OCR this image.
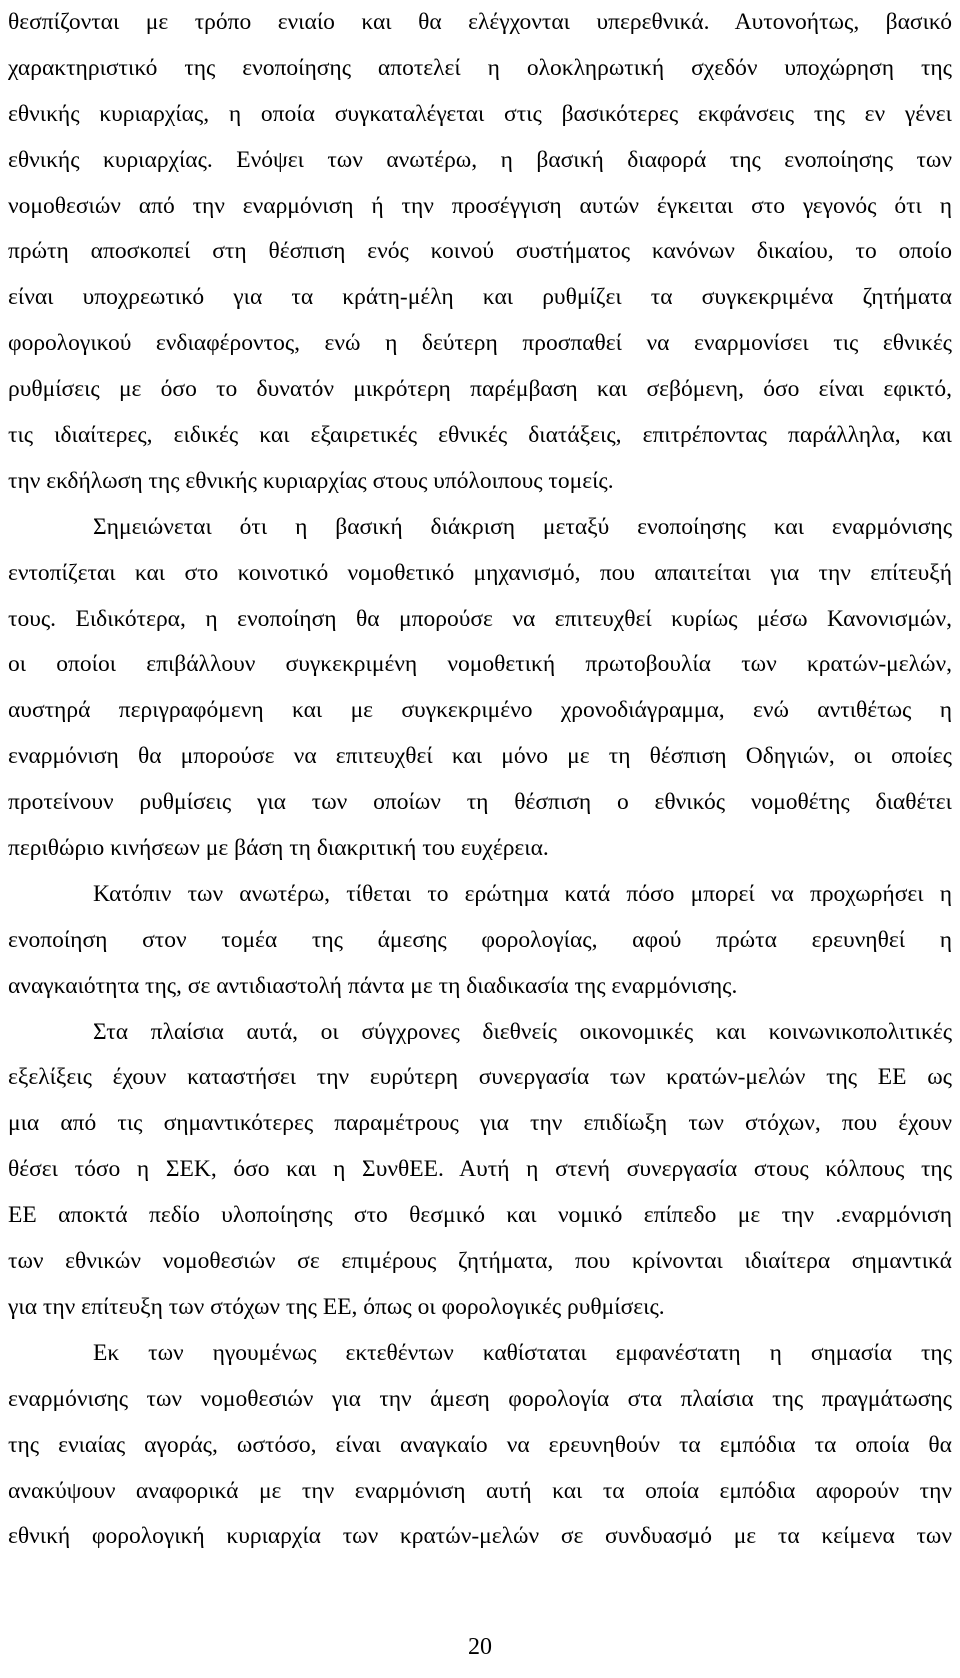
θεσπίζονται με τρόπο ενιαίο και θα ελέγχονται υπερεθνικά. Αυτονοήτως, βασικό
χαρακτηριστικό της ενοποίησης αποτελεί η ολοκληρωτική σχεδόν υποχώρηση της
εθνικής κυριαρχίας, η οποία συγκαταλέγεται στις βασικότερες εκφάνσεις της εν γένει
εθνικής κυριαρχίας. Ενόψει των ανωτέρω, η βασική διαφορά της ενοποίησης των
νομοθεσιών από την εναρμόνιση ή την προσέγγιση αυτών έγκειται στο γεγονός ότι η
πρώτη αποσκοπεί στη θέσπιση ενός κοινού συστήματος κανόνων δικαίου, το οποίο
είναι υποχρεωτικό για τα κράτη-μέλη και ρυθμίζει τα συγκεκριμένα ζητήματα
φορολογικού ενδιαφέροντος, ενώ η δεύτερη προσπαθεί να εναρμονίσει τις εθνικές
ρυθμίσεις με όσο το δυνατόν μικρότερη παρέμβαση και σεβόμενη, όσο είναι εφικτό,
τις ιδιαίτερες, ειδικές και εξαιρετικές εθνικές διατάξεις, επιτρέποντας παράλληλα, και
την εκδήλωση της εθνικής κυριαρχίας στους υπόλοιπους τομείς.
Σημειώνεται ότι η βασική διάκριση μεταξύ ενοποίησης και εναρμόνισης
εντοπίζεται και στο κοινοτικό νομοθετικό μηχανισμό, που απαιτείται για την επίτευξή
τους. Ειδικότερα, η ενοποίηση θα μπορούσε να επιτευχθεί κυρίως μέσω Κανονισμών,
οι οποίοι επιβάλλουν συγκεκριμένη νομοθετική πρωτοβουλία των κρατών-μελών,
αυστηρά περιγραφόμενη και με συγκεκριμένο χρονοδιάγραμμα, ενώ αντιθέτως η
εναρμόνιση θα μπορούσε να επιτευχθεί και μόνο με τη θέσπιση Οδηγιών, οι οποίες
προτείνουν ρυθμίσεις για των οποίων τη θέσπιση ο εθνικός νομοθέτης διαθέτει
περιθώριο κινήσεων με βάση τη διακριτική του ευχέρεια.
Κατόπιν των ανωτέρω, τίθεται το ερώτημα κατά πόσο μπορεί να προχωρήσει η
ενοποίηση στον τομέα της άμεσης φορολογίας, αφού πρώτα ερευνηθεί η
αναγκαιότητα της, σε αντιδιαστολή πάντα με τη διαδικασία της εναρμόνισης.
Στα πλαίσια αυτά, οι σύγχρονες διεθνείς οικονομικές και κοινωνικοπολιτικές
εξελίξεις έχουν καταστήσει την ευρύτερη συνεργασία των κρατών-μελών της ΕΕ ως
μια από τις σημαντικότερες παραμέτρους για την επιδίωξη των στόχων, που έχουν
θέσει τόσο η ΣΕΚ, όσο και η ΣυνθΕΕ. Αυτή η στενή συνεργασία στους κόλπους της
ΕΕ αποκτά πεδίο υλοποίησης στο θεσμικό και νομικό επίπεδο με την .εναρμόνιση
των εθνικών νομοθεσιών σε επιμέρους ζητήματα, που κρίνονται ιδιαίτερα σημαντικά
για την επίτευξη των στόχων της ΕΕ, όπως οι φορολογικές ρυθμίσεις.
Εκ των ηγουμένως εκτεθέντων καθίσταται εμφανέστατη η σημασία της
εναρμόνισης των νομοθεσιών για την άμεση φορολογία στα πλαίσια της πραγμάτωσης
της ενιαίας αγοράς, ωστόσο, είναι αναγκαίο να ερευνηθούν τα εμπόδια τα οποία θα
ανακύψουν αναφορικά με την εναρμόνιση αυτή και τα οποία εμπόδια αφορούν την
εθνική φορολογική κυριαρχία των κρατών-μελών σε συνδυασμό με τα κείμενα των
20
